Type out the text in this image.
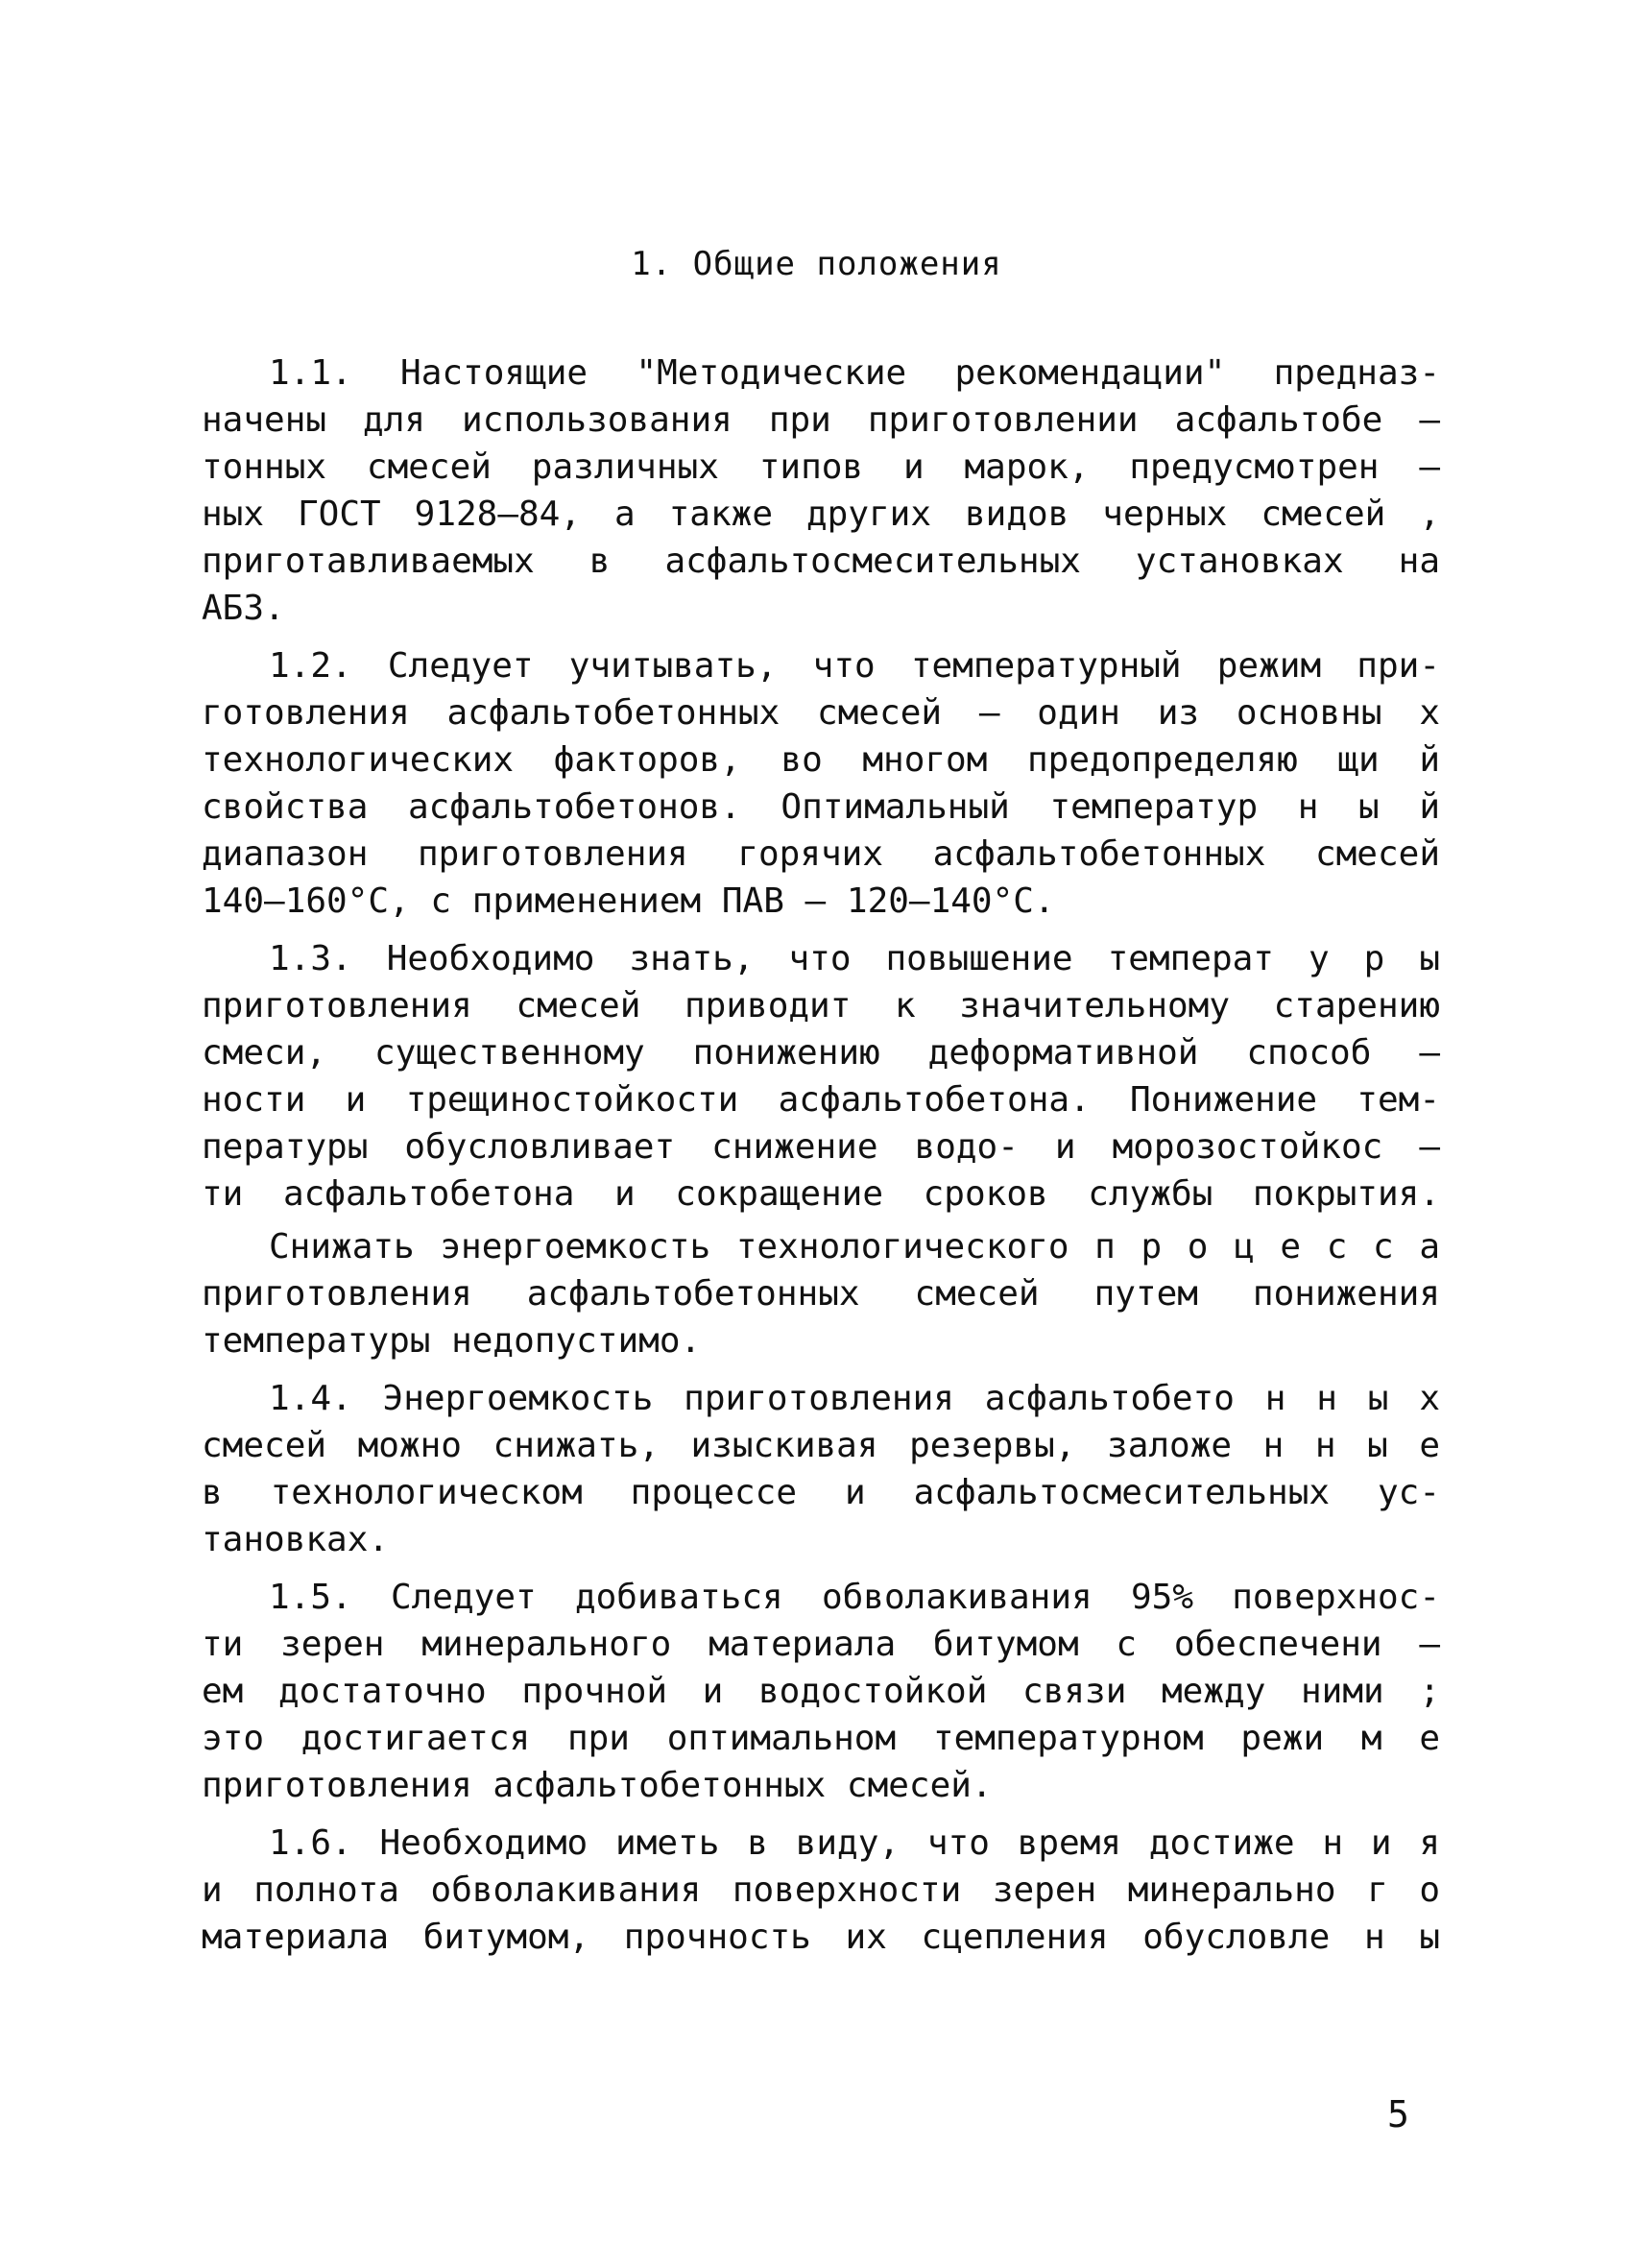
1. Общие положения
1.1. Настоящие "Методические рекомендации" предназ-
начены для использования при приготовлении асфальтобе –
тонных смесей различных типов и марок, предусмотрен –
ных ГОСТ 9128–84, а также других видов черных смесей ,
приготавливаемых в асфальтосмесительных установках на
АБЗ.
1.2. Следует учитывать, что температурный режим при-
готовления асфальтобетонных смесей – один из основны х
технологических факторов, во многом предопределяю щи й
свойства асфальтобетонов. Оптимальный температур н ы й
диапазон приготовления горячих асфальтобетонных смесей
140–160°С, с применением ПАВ – 120–140°С.
1.3. Необходимо знать, что повышение температ у р ы
приготовления смесей приводит к значительному старению
смеси, существенному понижению деформативной способ –
ности и трещиностойкости асфальтобетона. Понижение тем-
пературы обусловливает снижение водо- и морозостойкос –
ти асфальтобетона и сокращение сроков службы покрытия.
Снижать энергоемкость технологического п р о ц е с с а
приготовления асфальтобетонных смесей путем понижения
температуры недопустимо.
1.4. Энергоемкость приготовления асфальтобето н н ы х
смесей можно снижать, изыскивая резервы, заложе н н ы е
в технологическом процессе и асфальтосмесительных ус-
тановках.
1.5. Следует добиваться обволакивания 95% поверхнос-
ти зерен минерального материала битумом с обеспечени –
ем достаточно прочной и водостойкой связи между ними ;
это достигается при оптимальном температурном режи м е
приготовления асфальтобетонных смесей.
1.6. Необходимо иметь в виду, что время достиже н и я
и полнота обволакивания поверхности зерен минерально г о
материала битумом, прочность их сцепления обусловле н ы
5
